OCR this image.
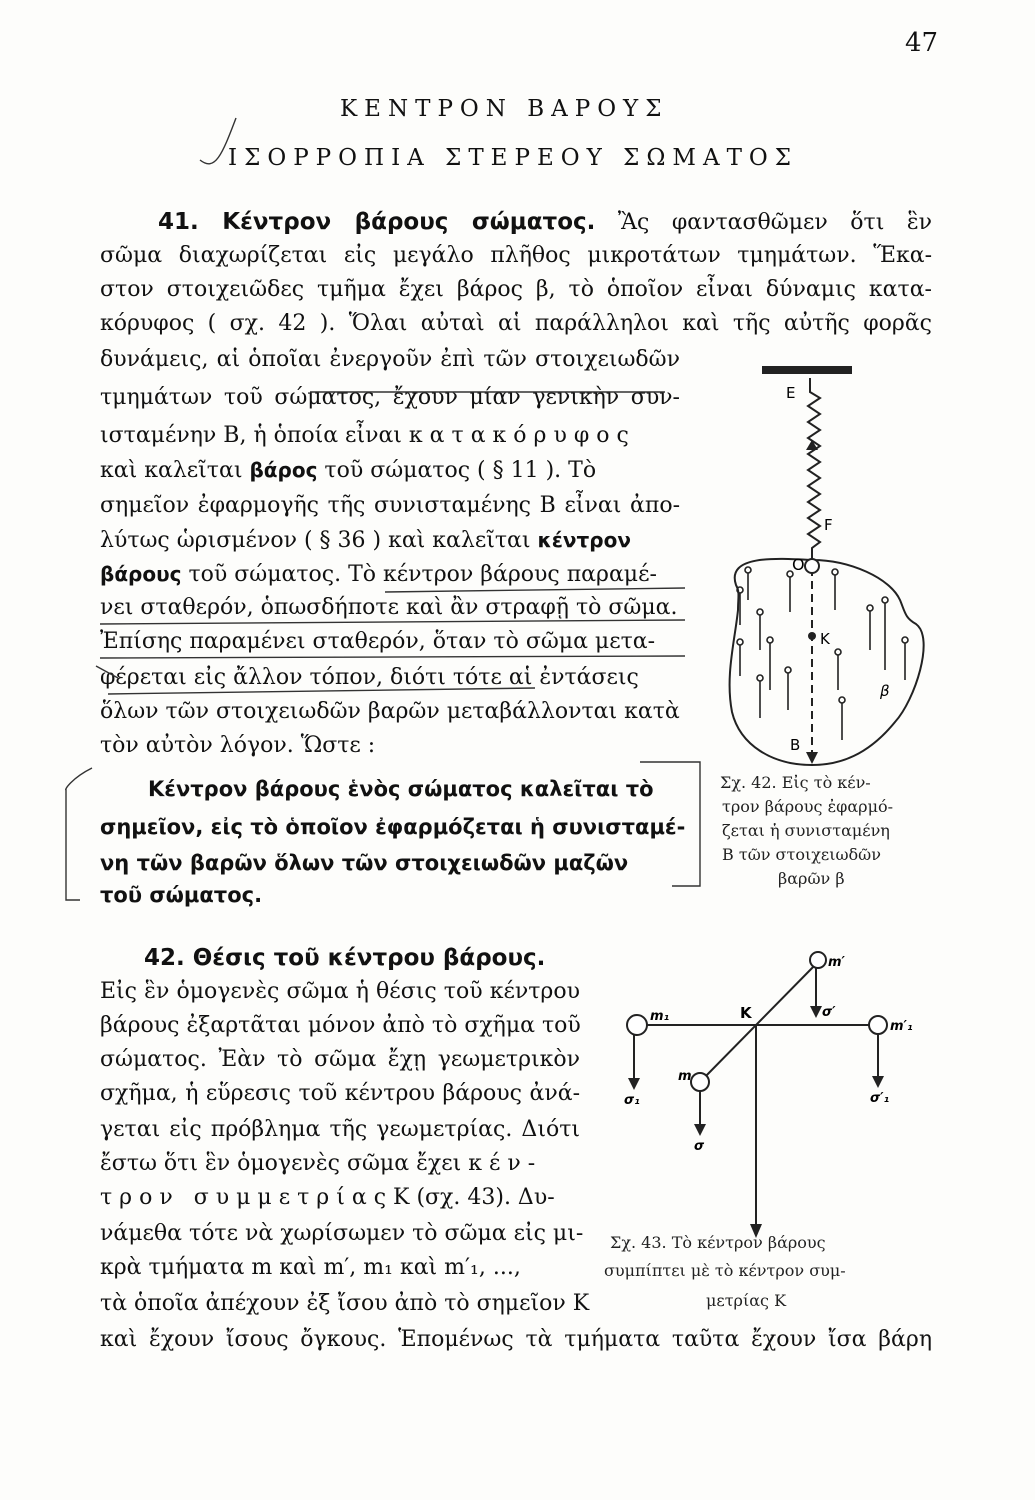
47
ΚΕΝΤΡΟΝ ΒΑΡΟΥΣ
ΙΣΟΡΡΟΠΙΑ ΣΤΕΡΕΟΥ ΣΩΜΑΤΟΣ
41. Κέντρον βάρους σώματος. Ἂς φαντασθῶμεν ὅτι ἓν
σῶμα διαχωρίζεται εἰς μεγάλο πλῆθος μικροτάτων τμημάτων. Ἕκα-
στον στοιχειῶδες τμῆμα ἔχει βάρος β, τὸ ὁποῖον εἶναι δύναμις κατα-
κόρυφος ( σχ. 42 ). Ὅλαι αὐταὶ αἱ παράλληλοι καὶ τῆς αὐτῆς φορᾶς
δυνάμεις, αἱ ὁποῖαι ἐνεργοῦν ἐπὶ τῶν στοιχειωδῶν
τμημάτων τοῦ σώματος, ἔχουν μίαν γενικὴν συν-
ισταμένην Β, ἡ ὁποία εἶναι κατακόρυφος
καὶ καλεῖται βάρος τοῦ σώματος ( § 11 ). Τὸ
σημεῖον ἐφαρμογῆς τῆς συνισταμένης Β εἶναι ἀπο-
λύτως ὡρισμένον ( § 36 ) καὶ καλεῖται κέντρον
βάρους τοῦ σώματος. Τὸ κέντρον βάρους παραμέ-
νει σταθερόν, ὁπωσδήποτε καὶ ἂν στραφῇ τὸ σῶμα.
Ἐπίσης παραμένει σταθερόν, ὅταν τὸ σῶμα μετα-
φέρεται εἰς ἄλλον τόπον, διότι τότε αἱ ἐντάσεις
ὅλων τῶν στοιχειωδῶν βαρῶν μεταβάλλονται κατὰ
τὸν αὐτὸν λόγον. Ὥστε :
Κέντρον βάρους ἑνὸς σώματος καλεῖται τὸ
σημεῖον, εἰς τὸ ὁποῖον ἐφαρμόζεται ἡ συνισταμέ-
νη τῶν βαρῶν ὅλων τῶν στοιχειωδῶν μαζῶν
τοῦ σώματος.
E
F
O
K
B
β
Σχ. 42. Εἰς τὸ κέν-
τρον βάρους ἐφαρμό-
ζεται ἡ συνισταμένη
Β τῶν στοιχειωδῶν
βαρῶν β
42. Θέσις τοῦ κέντρου βάρους.
Εἰς ἓν ὁμογενὲς σῶμα ἡ θέσις τοῦ κέντρου
βάρους ἐξαρτᾶται μόνον ἀπὸ τὸ σχῆμα τοῦ
σώματος. Ἐὰν τὸ σῶμα ἔχῃ γεωμετρικὸν
σχῆμα, ἡ εὕρεσις τοῦ κέντρου βάρους ἀνά-
γεται εἰς πρόβλημα τῆς γεωμετρίας. Διότι
ἔστω ὅτι ἓν ὁμογενὲς σῶμα ἔχει κέν-
τρον συμμετρίαςΚ (σχ. 43). Δυ-
νάμεθα τότε νὰ χωρίσωμεν τὸ σῶμα εἰς μι-
κρὰ τμήματα m καὶ m′, m₁ καὶ m′₁, ...,
τὰ ὁποῖα ἀπέχουν ἐξ ἴσου ἀπὸ τὸ σημεῖον Κ
καὶ ἔχουν ἴσους ὄγκους. Ἑπομένως τὰ τμήματα ταῦτα ἔχουν ἴσα βάρη
m₁	K
m′₁
m′
m
σ₁
σ′
σ
σ′₁
Σχ. 43. Τὸ κέντρον βάρους
συμπίπτει μὲ τὸ κέντρον συμ-
μετρίας Κ
